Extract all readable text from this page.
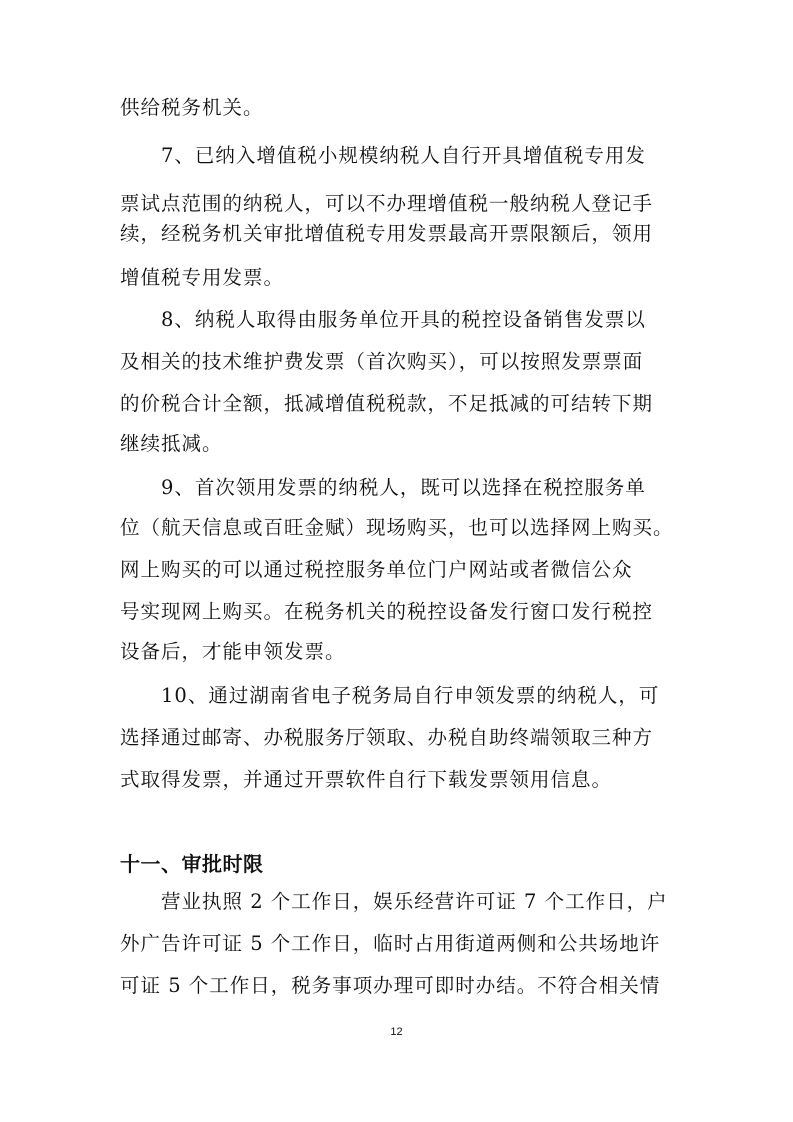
供给税务机关。
7、已纳入增值税小规模纳税人自行开具增值税专用发
票试点范围的纳税人，可以不办理增值税一般纳税人登记手
续，经税务机关审批增值税专用发票最高开票限额后，领用
增值税专用发票。
8、纳税人取得由服务单位开具的税控设备销售发票以
及相关的技术维护费发票（首次购买），可以按照发票票面
的价税合计全额，抵减增值税税款，不足抵减的可结转下期
继续抵减。
9、首次领用发票的纳税人，既可以选择在税控服务单
位（航天信息或百旺金赋）现场购买，也可以选择网上购买。
网上购买的可以通过税控服务单位门户网站或者微信公众
号实现网上购买。在税务机关的税控设备发行窗口发行税控
设备后，才能申领发票。
10、通过湖南省电子税务局自行申领发票的纳税人，可
选择通过邮寄、办税服务厅领取、办税自助终端领取三种方
式取得发票，并通过开票软件自行下载发票领用信息。
十一、审批时限
营业执照 2 个工作日，娱乐经营许可证 7 个工作日，户
外广告许可证 5 个工作日，临时占用街道两侧和公共场地许
可证 5 个工作日，税务事项办理可即时办结。不符合相关情
12
